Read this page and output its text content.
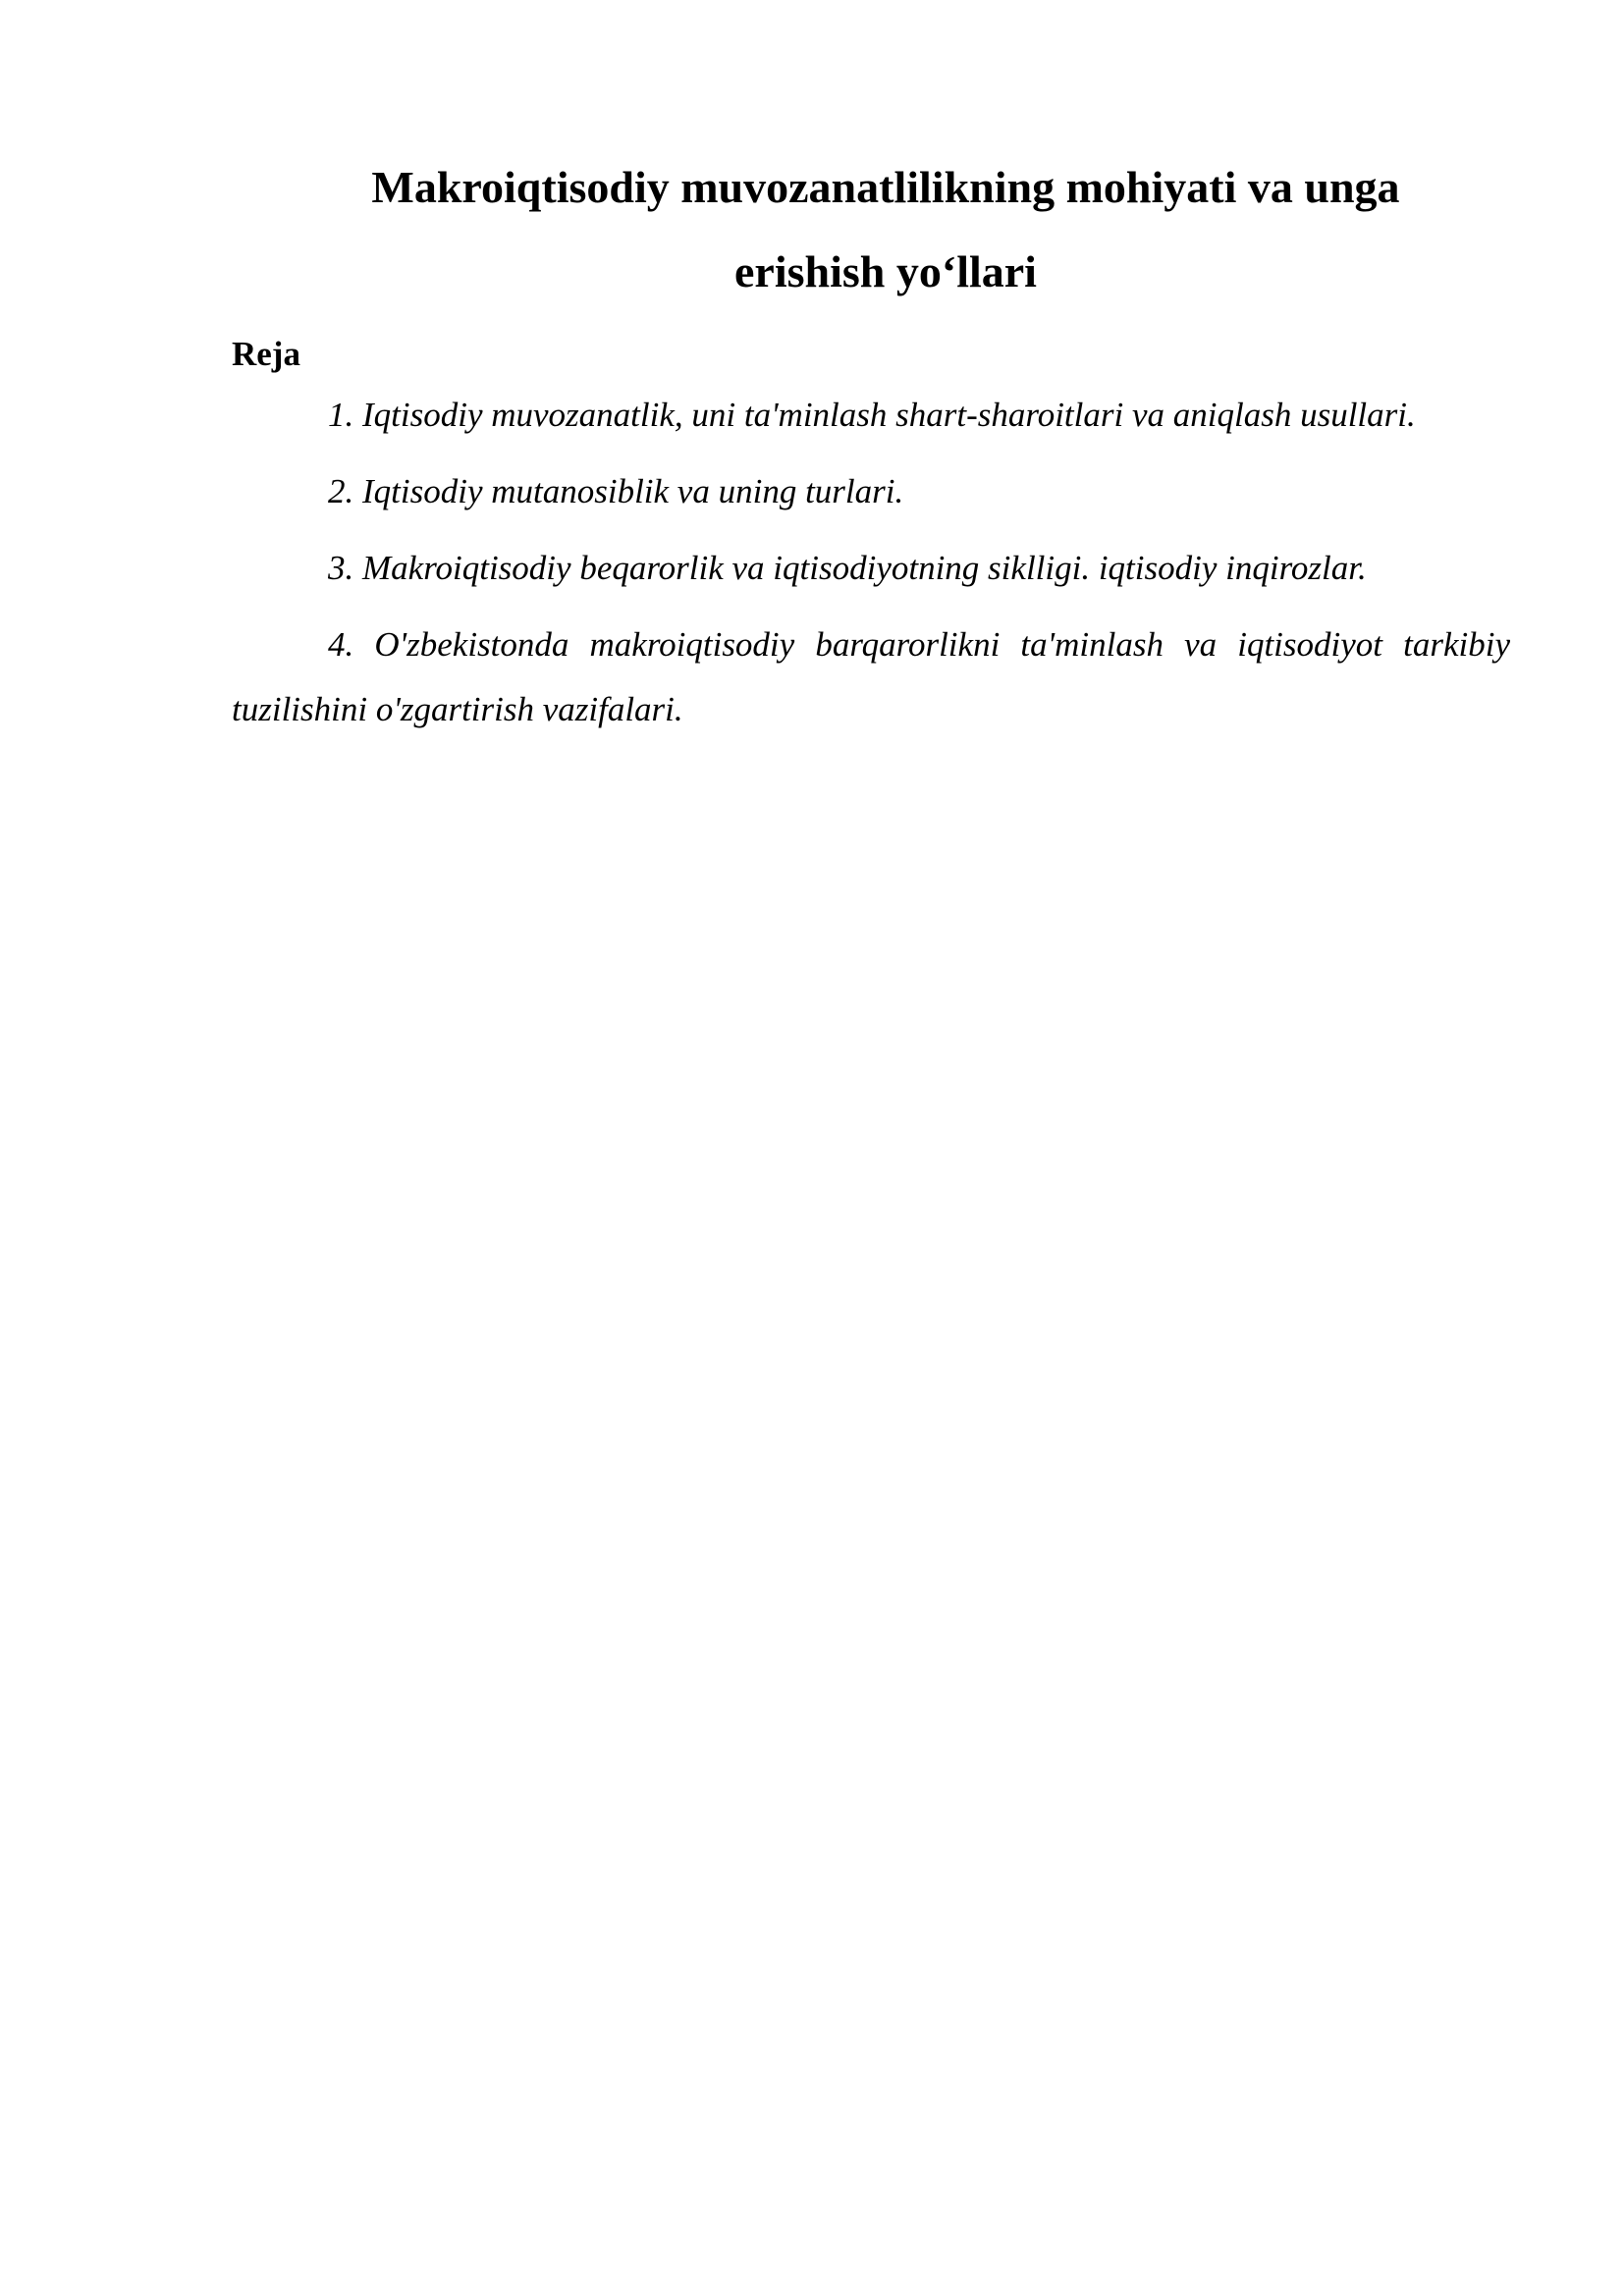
Makroiqtisodiy muvozanatlilikning mohiyati va unga
erishish yo‘llari

Reja

1. Iqtisodiy muvozanatlik, uni ta'minlash shart-sharoitlari va aniqlash usullari.
2. Iqtisodiy mutanosiblik va uning turlari.
3. Makroiqtisodiy beqarorlik va iqtisodiyotning siklligi. iqtisodiy inqirozlar.
4. O'zbekistonda makroiqtisodiy barqarorlikni ta'minlash va iqtisodiyot tarkibiy tuzilishini o'zgartirish vazifalari.
